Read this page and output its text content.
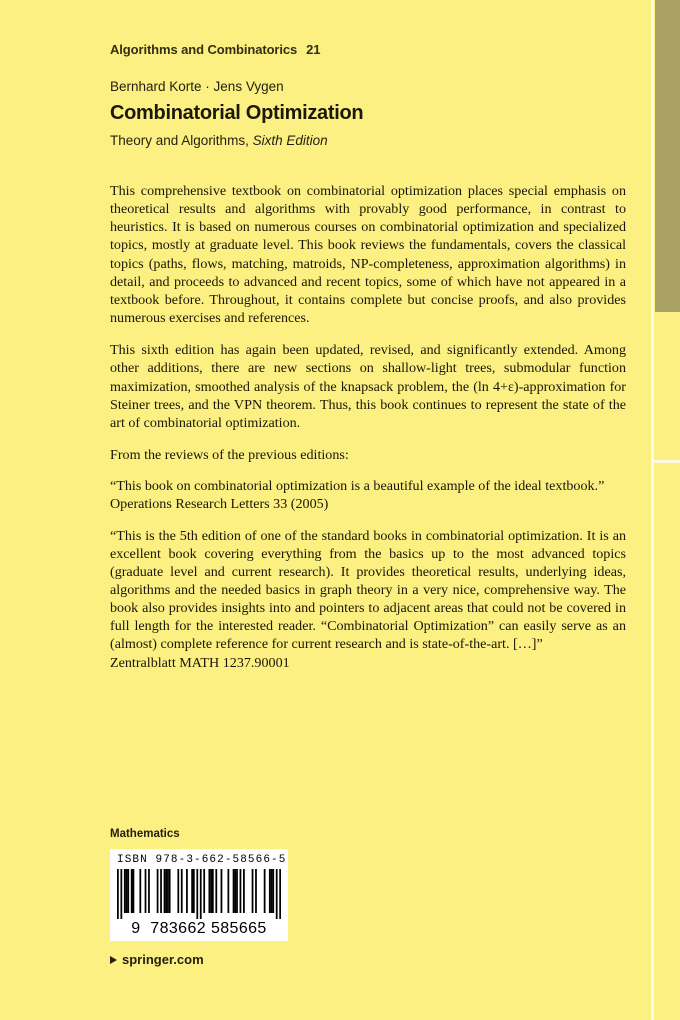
Algorithms and Combinatorics 21
Bernhard Korte · Jens Vygen
Combinatorial Optimization
Theory and Algorithms, Sixth Edition

This comprehensive textbook on combinatorial optimization places special emphasis on theoretical results and algorithms with provably good performance, in contrast to heuristics. It is based on numerous courses on combinatorial optimization and specialized topics, mostly at graduate level. This book reviews the fundamentals, covers the classical topics (paths, flows, matching, matroids, NP-completeness, approximation algorithms) in detail, and proceeds to advanced and recent topics, some of which have not appeared in a textbook before. Throughout, it contains complete but concise proofs, and also provides numerous exercises and references.

This sixth edition has again been updated, revised, and significantly extended. Among other additions, there are new sections on shallow-light trees, submodular function maximization, smoothed analysis of the knapsack problem, the (ln 4+ε)-approximation for Steiner trees, and the VPN theorem. Thus, this book continues to represent the state of the art of combinatorial optimization.

From the reviews of the previous editions:

“This book on combinatorial optimization is a beautiful example of the ideal textbook.”
Operations Research Letters 33 (2005)

“This is the 5th edition of one of the standard books in combinatorial optimization. It is an excellent book covering everything from the basics up to the most advanced topics (graduate level and current research). It provides theoretical results, underlying ideas, algorithms and the needed basics in graph theory in a very nice, comprehensive way. The book also provides insights into and pointers to adjacent areas that could not be covered in full length for the interested reader. “Combinatorial Optimization” can easily serve as an (almost) complete reference for current research and is state-of-the-art. […]”

Zentralblatt MATH 1237.90001

Mathematics
ISBN 978-3-662-58566-5
9 783662 585665
springer.com
